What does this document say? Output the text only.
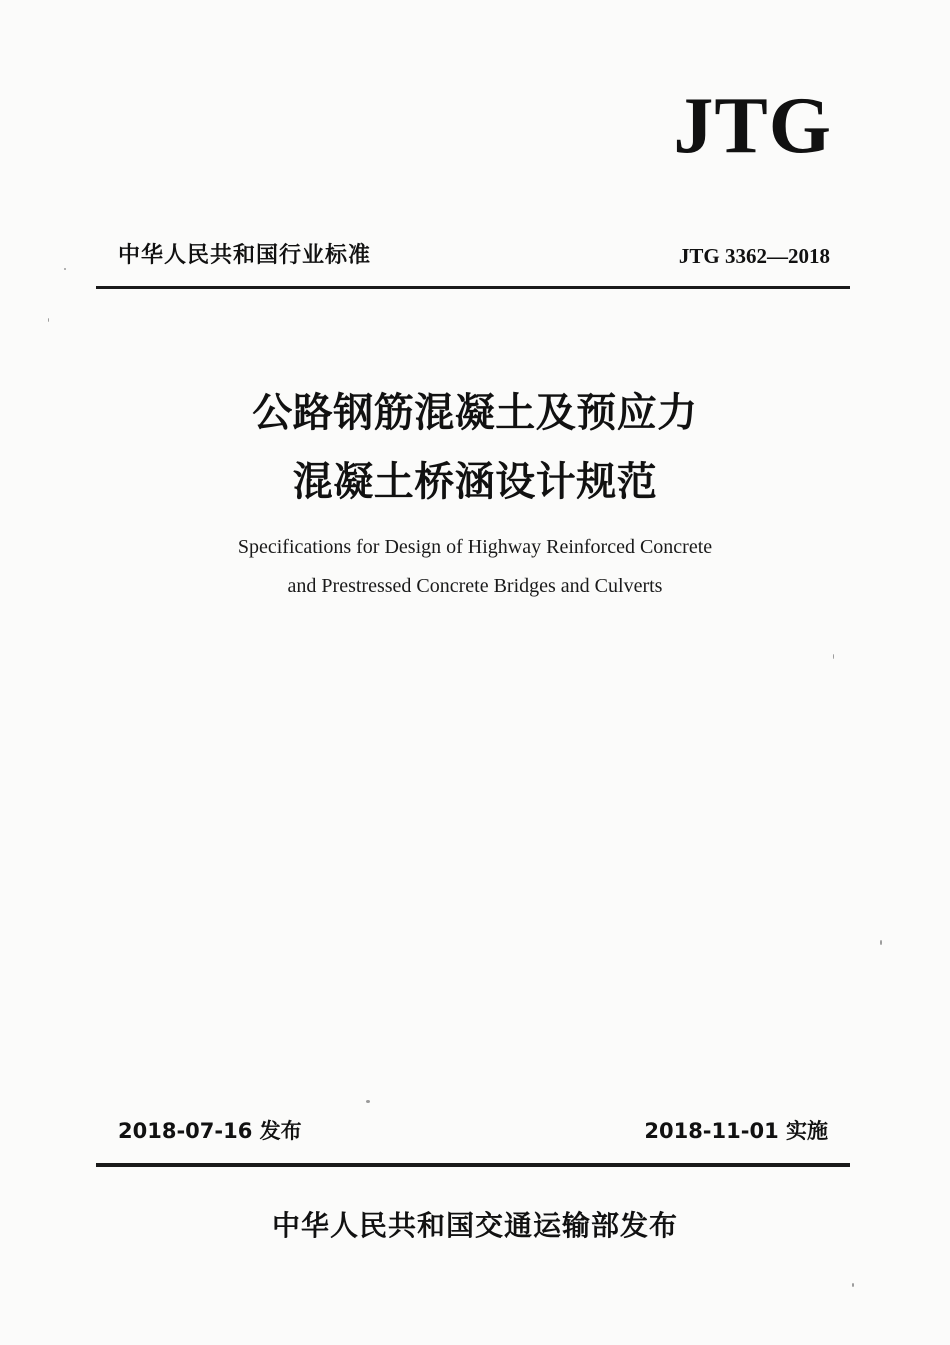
JTG
中华人民共和国行业标准	JTG 3362—2018
公路钢筋混凝土及预应力
混凝土桥涵设计规范
Specifications for Design of Highway Reinforced Concrete
and Prestressed Concrete Bridges and Culverts
2018-07-16 发布	2018-11-01 实施
中华人民共和国交通运输部发布
